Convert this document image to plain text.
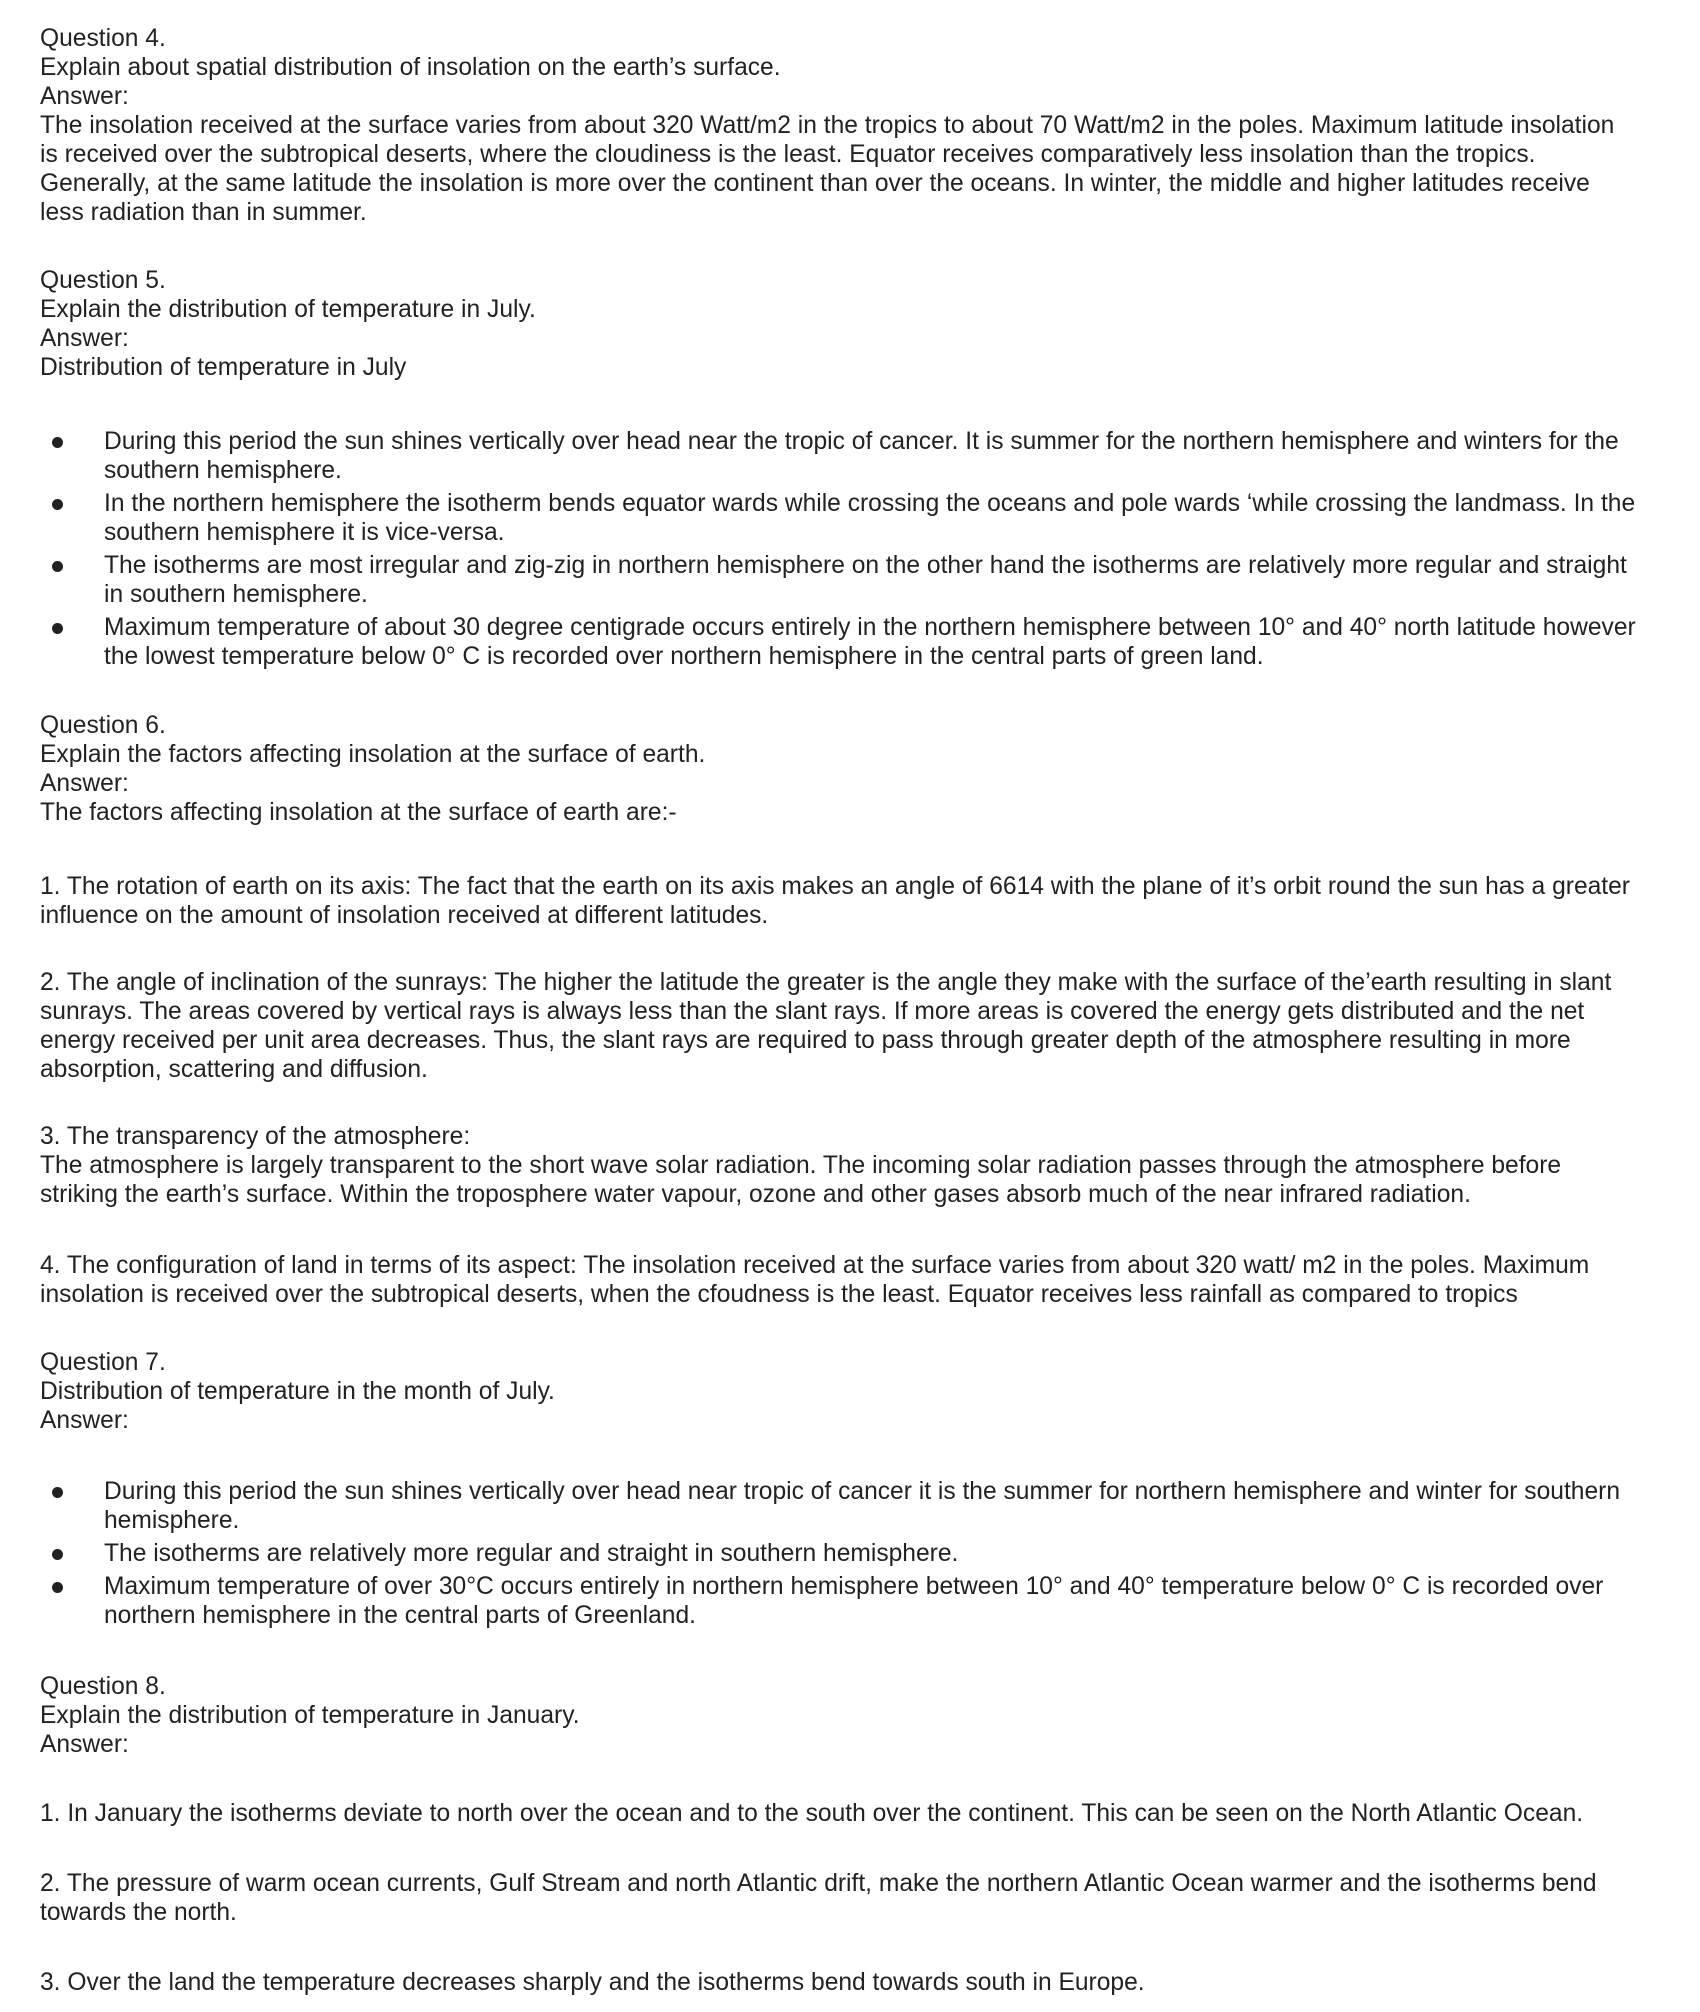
Question 4.
Explain about spatial distribution of insolation on the earth’s surface.
Answer:
The insolation received at the surface varies from about 320 Watt/m2 in the tropics to about 70 Watt/m2 in the poles. Maximum latitude insolation
is received over the subtropical deserts, where the cloudiness is the least. Equator receives comparatively less insolation than the tropics.
Generally, at the same latitude the insolation is more over the continent than over the oceans. In winter, the middle and higher latitudes receive
less radiation than in summer.
Question 5.
Explain the distribution of temperature in July.
Answer:
Distribution of temperature in July
During this period the sun shines vertically over head near the tropic of cancer. It is summer for the northern hemisphere and winters for the
southern hemisphere.
In the northern hemisphere the isotherm bends equator wards while crossing the oceans and pole wards ‘while crossing the landmass. In the
southern hemisphere it is vice-versa.
The isotherms are most irregular and zig-zig in northern hemisphere on the other hand the isotherms are relatively more regular and straight
in southern hemisphere.
Maximum temperature of about 30 degree centigrade occurs entirely in the northern hemisphere between 10° and 40° north latitude however
the lowest temperature below 0° C is recorded over northern hemisphere in the central parts of green land.
Question 6.
Explain the factors affecting insolation at the surface of earth.
Answer:
The factors affecting insolation at the surface of earth are:-
1. The rotation of earth on its axis: The fact that the earth on its axis makes an angle of 6614 with the plane of it’s orbit round the sun has a greater
influence on the amount of insolation received at different latitudes.
2. The angle of inclination of the sunrays: The higher the latitude the greater is the angle they make with the surface of the’earth resulting in slant
sunrays. The areas covered by vertical rays is always less than the slant rays. If more areas is covered the energy gets distributed and the net
energy received per unit area decreases. Thus, the slant rays are required to pass through greater depth of the atmosphere resulting in more
absorption, scattering and diffusion.
3. The transparency of the atmosphere:
The atmosphere is largely transparent to the short wave solar radiation. The incoming solar radiation passes through the atmosphere before
striking the earth’s surface. Within the troposphere water vapour, ozone and other gases absorb much of the near infrared radiation.
4. The configuration of land in terms of its aspect: The insolation received at the surface varies from about 320 watt/ m2 in the poles. Maximum
insolation is received over the subtropical deserts, when the cfoudness is the least. Equator receives less rainfall as compared to tropics
Question 7.
Distribution of temperature in the month of July.
Answer:
During this period the sun shines vertically over head near tropic of cancer it is the summer for northern hemisphere and winter for southern
hemisphere.
The isotherms are relatively more regular and straight in southern hemisphere.
Maximum temperature of over 30°C occurs entirely in northern hemisphere between 10° and 40° temperature below 0° C is recorded over
northern hemisphere in the central parts of Greenland.
Question 8.
Explain the distribution of temperature in January.
Answer:
1. In January the isotherms deviate to north over the ocean and to the south over the continent. This can be seen on the North Atlantic Ocean.
2. The pressure of warm ocean currents, Gulf Stream and north Atlantic drift, make the northern Atlantic Ocean warmer and the isotherms bend
towards the north.
3. Over the land the temperature decreases sharply and the isotherms bend towards south in Europe.
